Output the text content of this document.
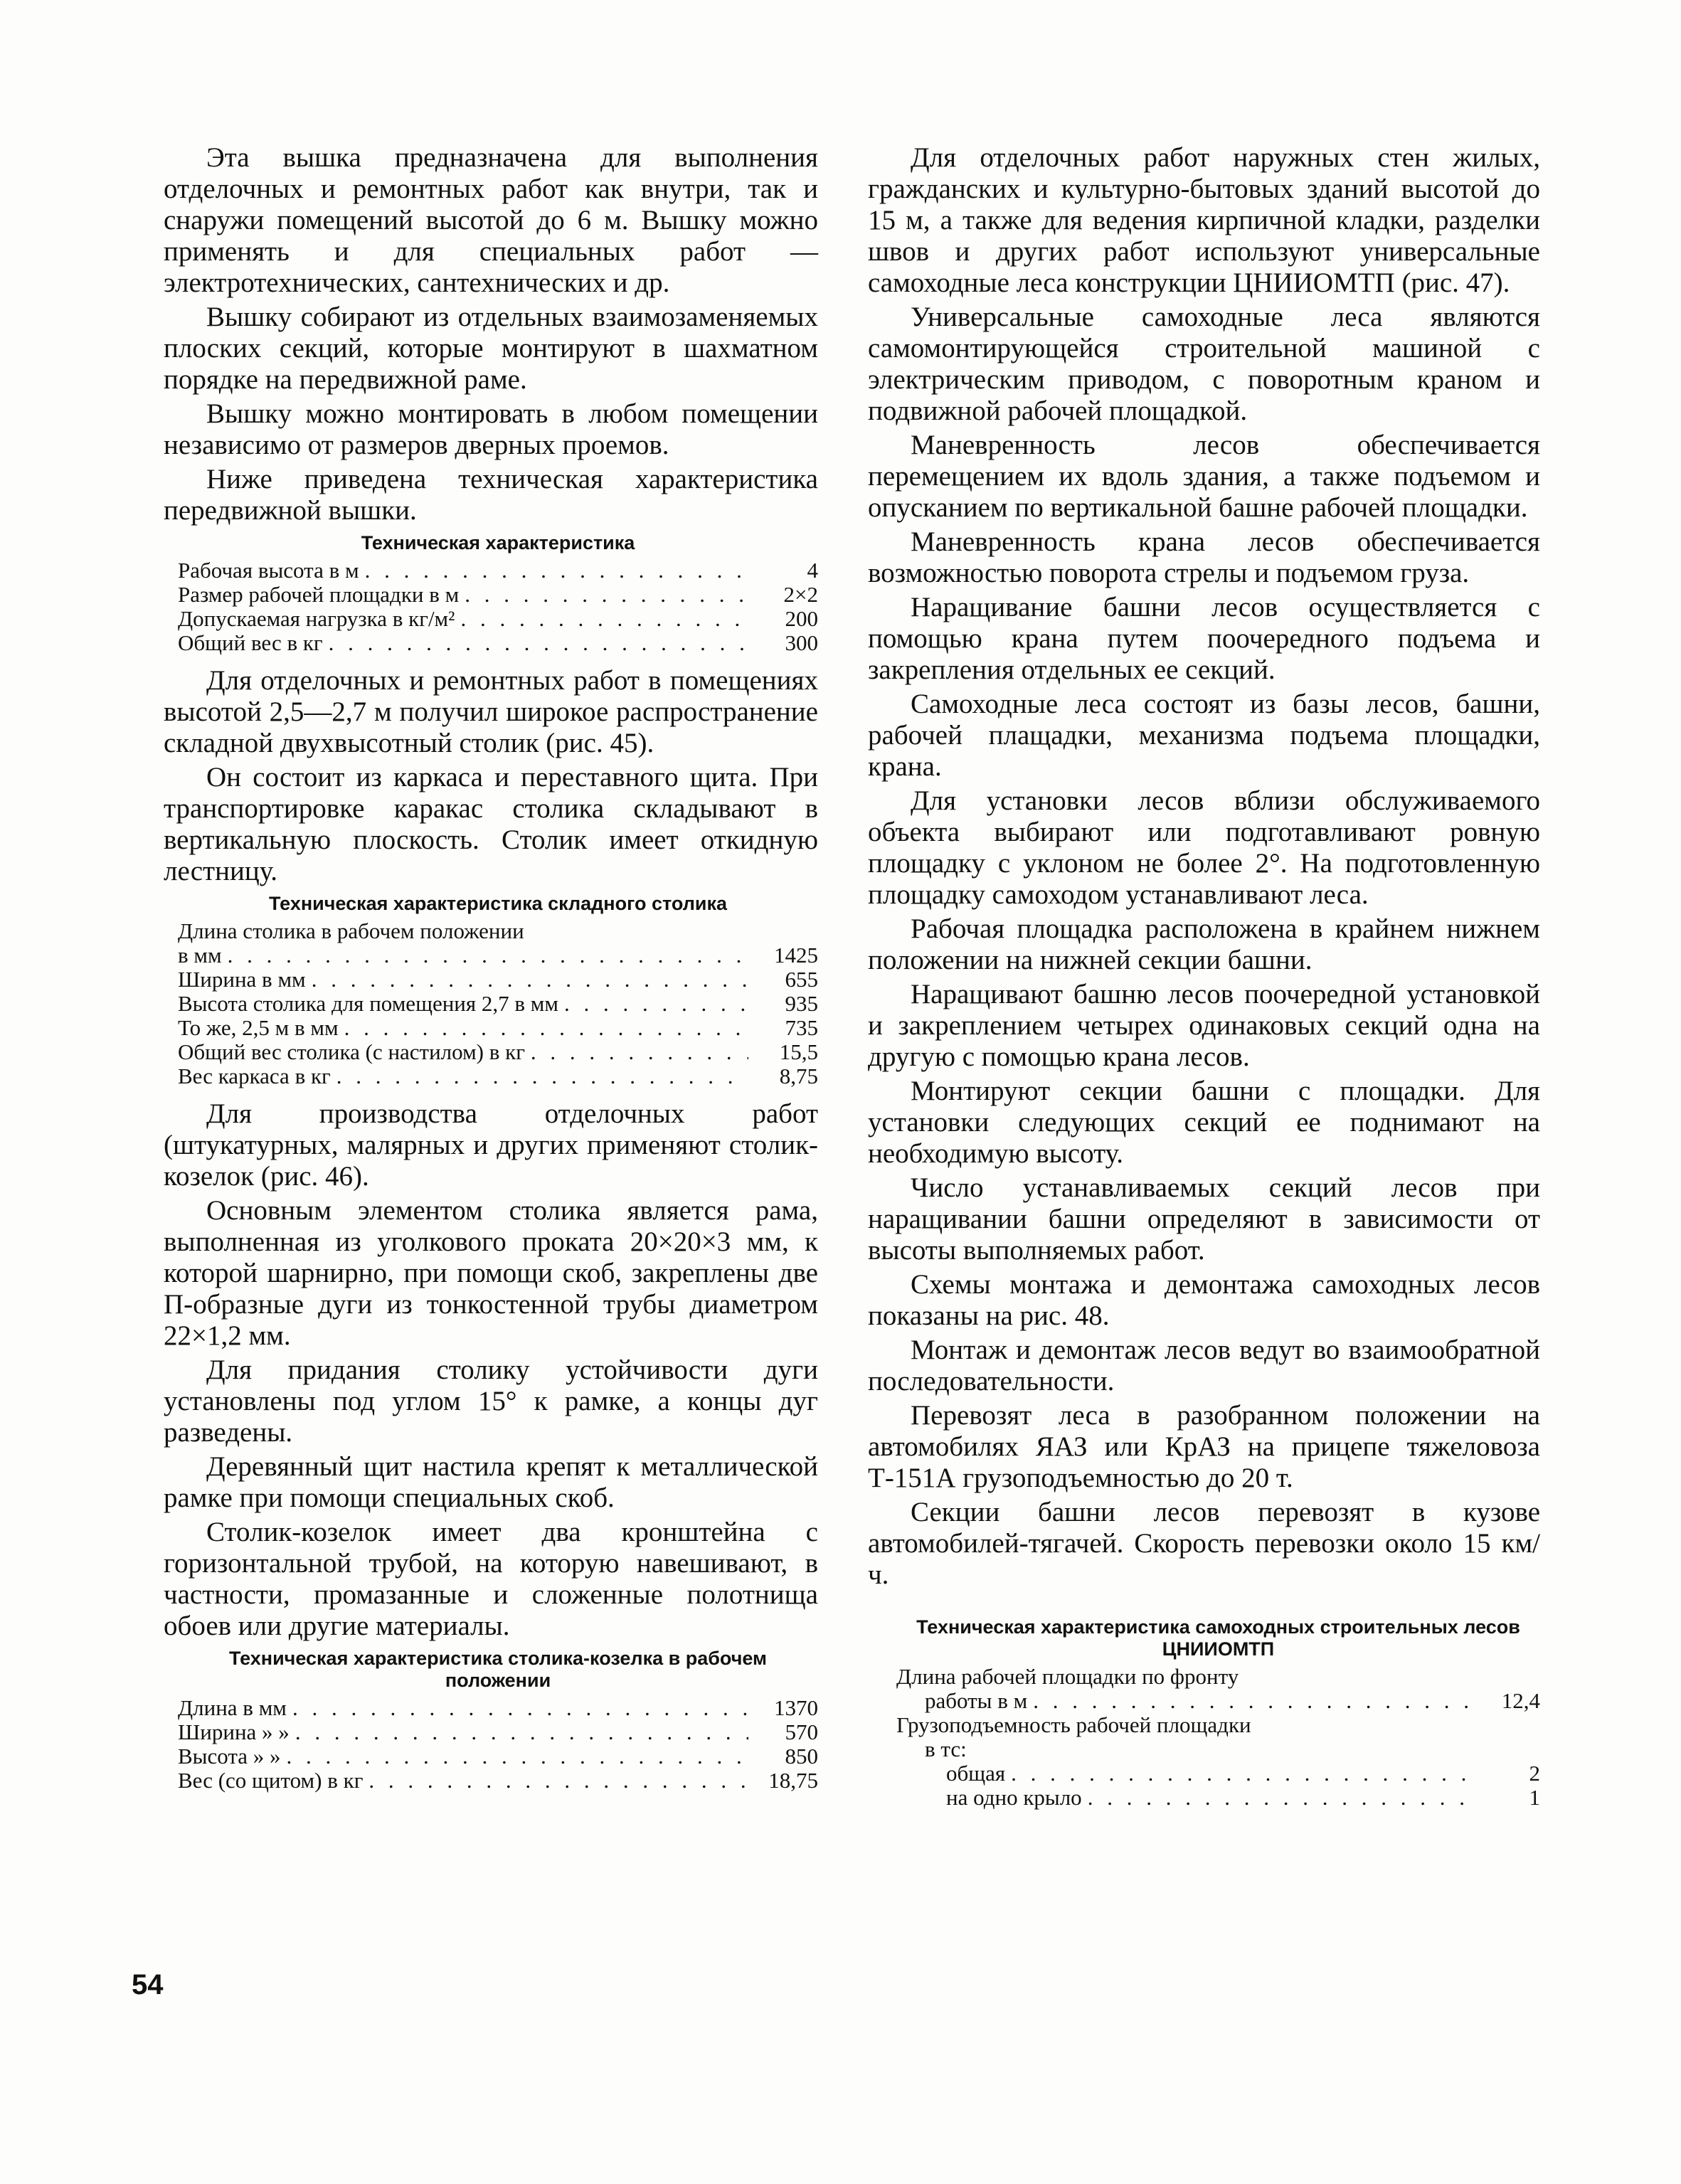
Эта вышка предназначена для выполнения отделочных и ремонтных работ как внутри, так и снаружи помещений высотой до 6 м. Вышку можно применять и для специальных работ — электротехнических, сантехнических и др.

Вышку собирают из отдельных взаимозаменяемых плоских секций, которые монтируют в шахматном порядке на передвижной раме.

Вышку можно монтировать в любом помещении независимо от размеров дверных проемов.

Ниже приведена техническая характеристика передвижной вышки.

Техническая характеристика
Рабочая высота в м . . .	4
Размер рабочей площадки в м . . .	2×2
Допускаемая нагрузка в кг/м² . . .	200
Общий вес в кг . . .	300

Для отделочных и ремонтных работ в помещениях высотой 2,5—2,7 м получил широкое распространение складной двухвысотный столик (рис. 45).

Он состоит из каркаса и переставного щита. При транспортировке каракас столика складывают в вертикальную плоскость. Столик имеет откидную лестницу.

Техническая характеристика складного столика
Длина столика в рабочем положении
в мм . . .	1425
Ширина в мм . . .	655
Высота столика для помещения 2,7 в мм . . .	935
То же, 2,5 м в мм . . .	735
Общий вес столика (с настилом) в кг . . .	15,5
Вес каркаса в кг . . .	8,75

Для производства отделочных работ (штукатурных, малярных и других применяют столик-козелок (рис. 46).

Основным элементом столика является рама, выполненная из уголкового проката 20×20×3 мм, к которой шарнирно, при помощи скоб, закреплены две П-образные дуги из тонкостенной трубы диаметром 22×1,2 мм.

Для придания столику устойчивости дуги установлены под углом 15° к рамке, а концы дуг разведены.

Деревянный щит настила крепят к металлической рамке при помощи специальных скоб.

Столик-козелок имеет два кронштейна с горизонтальной трубой, на которую навешивают, в частности, промазанные и сложенные полотнища обоев или другие материалы.

Техническая характеристика столика-козелка в рабочем положении
Длина в мм . . .	1370
Ширина » » . . .	570
Высота » » . . .	850
Вес (со щитом) в кг . . .	18,75

Для отделочных работ наружных стен жилых, гражданских и культурно-бытовых зданий высотой до 15 м, а также для ведения кирпичной кладки, разделки швов и других работ используют универсальные самоходные леса конструкции ЦНИИОМТП (рис. 47).

Универсальные самоходные леса являются самомонтирующейся строительной машиной с электрическим приводом, с поворотным краном и подвижной рабочей площадкой.

Маневренность лесов обеспечивается перемещением их вдоль здания, а также подъемом и опусканием по вертикальной башне рабочей площадки.

Маневренность крана лесов обеспечивается возможностью поворота стрелы и подъемом груза.

Наращивание башни лесов осуществляется с помощью крана путем поочередного подъема и закрепления отдельных ее секций.

Самоходные леса состоят из базы лесов, башни, рабочей плащадки, механизма подъема площадки, крана.

Для установки лесов вблизи обслуживаемого объекта выбирают или подготавливают ровную площадку с уклоном не более 2°. На подготовленную площадку самоходом устанавливают леса.

Рабочая площадка расположена в крайнем нижнем положении на нижней секции башни.

Наращивают башню лесов поочередной установкой и закреплением четырех одинаковых секций одна на другую с помощью крана лесов.

Монтируют секции башни с площадки. Для установки следующих секций ее поднимают на необходимую высоту.

Число устанавливаемых секций лесов при наращивании башни определяют в зависимости от высоты выполняемых работ.

Схемы монтажа и демонтажа самоходных лесов показаны на рис. 48.

Монтаж и демонтаж лесов ведут во взаимообратной последовательности.

Перевозят леса в разобранном положении на автомобилях ЯАЗ или КрАЗ на прицепе тяжеловоза Т-151А грузоподъемностью до 20 т.

Секции башни лесов перевозят в кузове автомобилей-тягачей. Скорость перевозки около 15 км/ч.

Техническая характеристика самоходных строительных лесов ЦНИИОМТП
Длина рабочей площадки по фронту
работы в м . . .	12,4
Грузоподъемность рабочей площадки
в тс:
общая . . .	2
на одно крыло . . .	1
54
